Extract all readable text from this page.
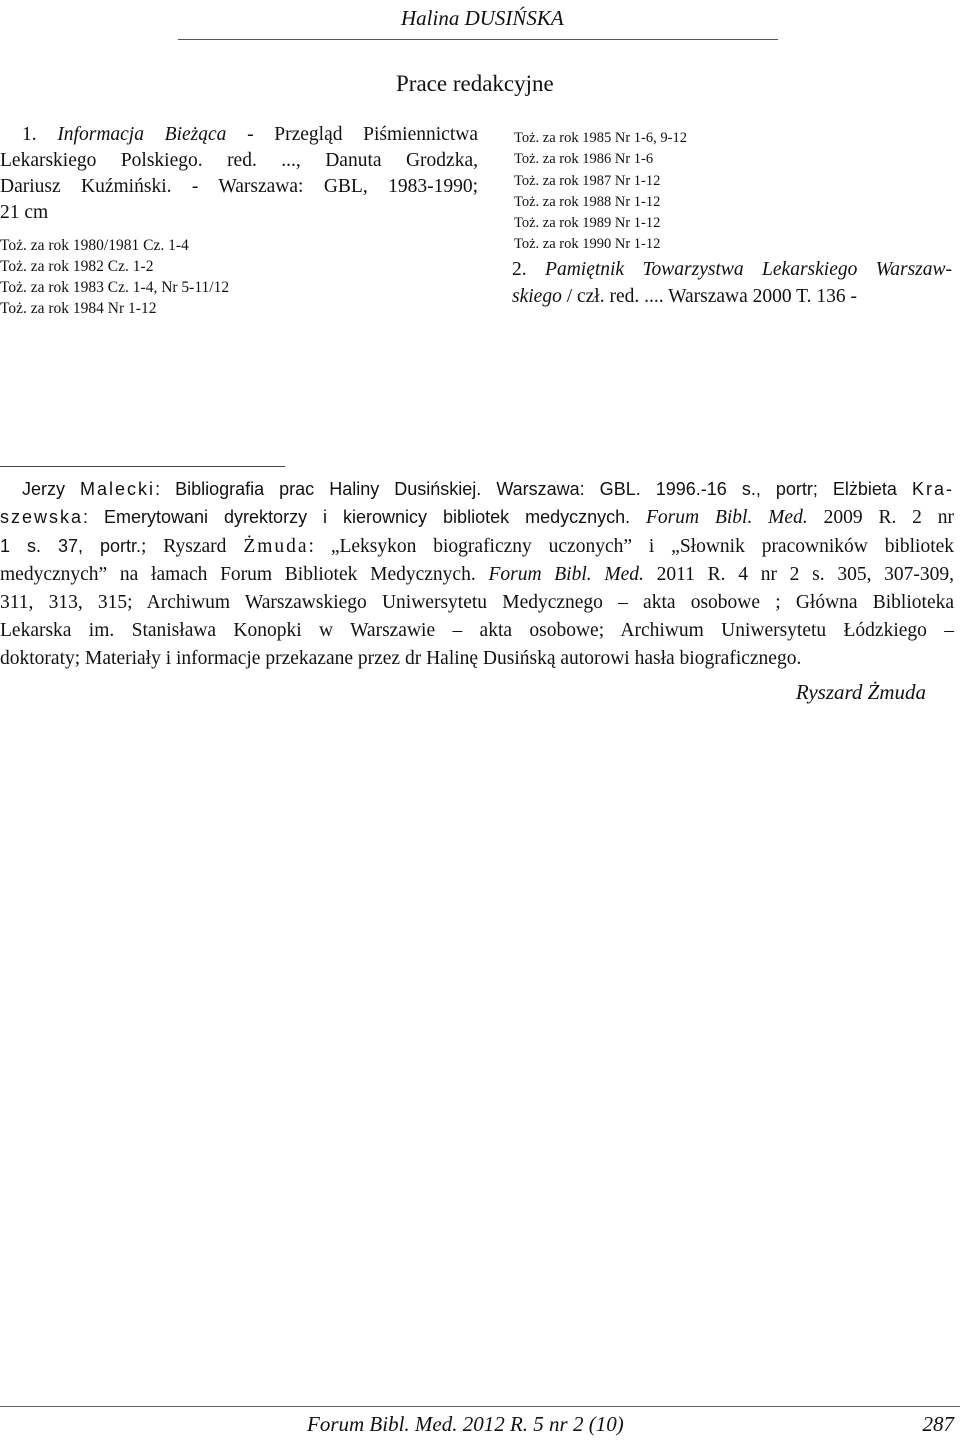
Halina DUSIŃSKA
Prace redakcyjne
1. Informacja Bieżąca - Przegląd Piśmiennictwa
Lekarskiego Polskiego. red. ..., Danuta Grodzka,
Dariusz Kuźmiński. - Warszawa: GBL, 1983-1990;
21 cm
Toż. za rok 1980/1981 Cz. 1-4
Toż. za rok 1982 Cz. 1-2
Toż. za rok 1983 Cz. 1-4, Nr 5-11/12
Toż. za rok 1984 Nr 1-12
Toż. za rok 1985 Nr 1-6, 9-12
Toż. za rok 1986 Nr 1-6
Toż. za rok 1987 Nr 1-12
Toż. za rok 1988 Nr 1-12
Toż. za rok 1989 Nr 1-12
Toż. za rok 1990 Nr 1-12
2. Pamiętnik Towarzystwa Lekarskiego Warszaw-
skiego / czł. red. .... Warszawa 2000 T. 136 -
Jerzy Malecki: Bibliografia prac Haliny Dusińskiej. Warszawa: GBL. 1996.-16 s., portr; Elżbieta Kra-
szewska: Emerytowani dyrektorzy i kierownicy bibliotek medycznych. Forum Bibl. Med. 2009 R. 2 nr
1 s. 37, portr.; Ryszard Żmuda: „Leksykon biograficzny uczonych” i „Słownik pracowników bibliotek
medycznych” na łamach Forum Bibliotek Medycznych. Forum Bibl. Med. 2011 R. 4 nr 2 s. 305, 307-309,
311, 313, 315; Archiwum Warszawskiego Uniwersytetu Medycznego – akta osobowe ; Główna Biblioteka
Lekarska im. Stanisława Konopki w Warszawie – akta osobowe; Archiwum Uniwersytetu Łódzkiego –
doktoraty; Materiały i informacje przekazane przez dr Halinę Dusińską autorowi hasła biograficznego.
Ryszard Żmuda
Forum Bibl. Med. 2012 R. 5 nr 2 (10)	287
